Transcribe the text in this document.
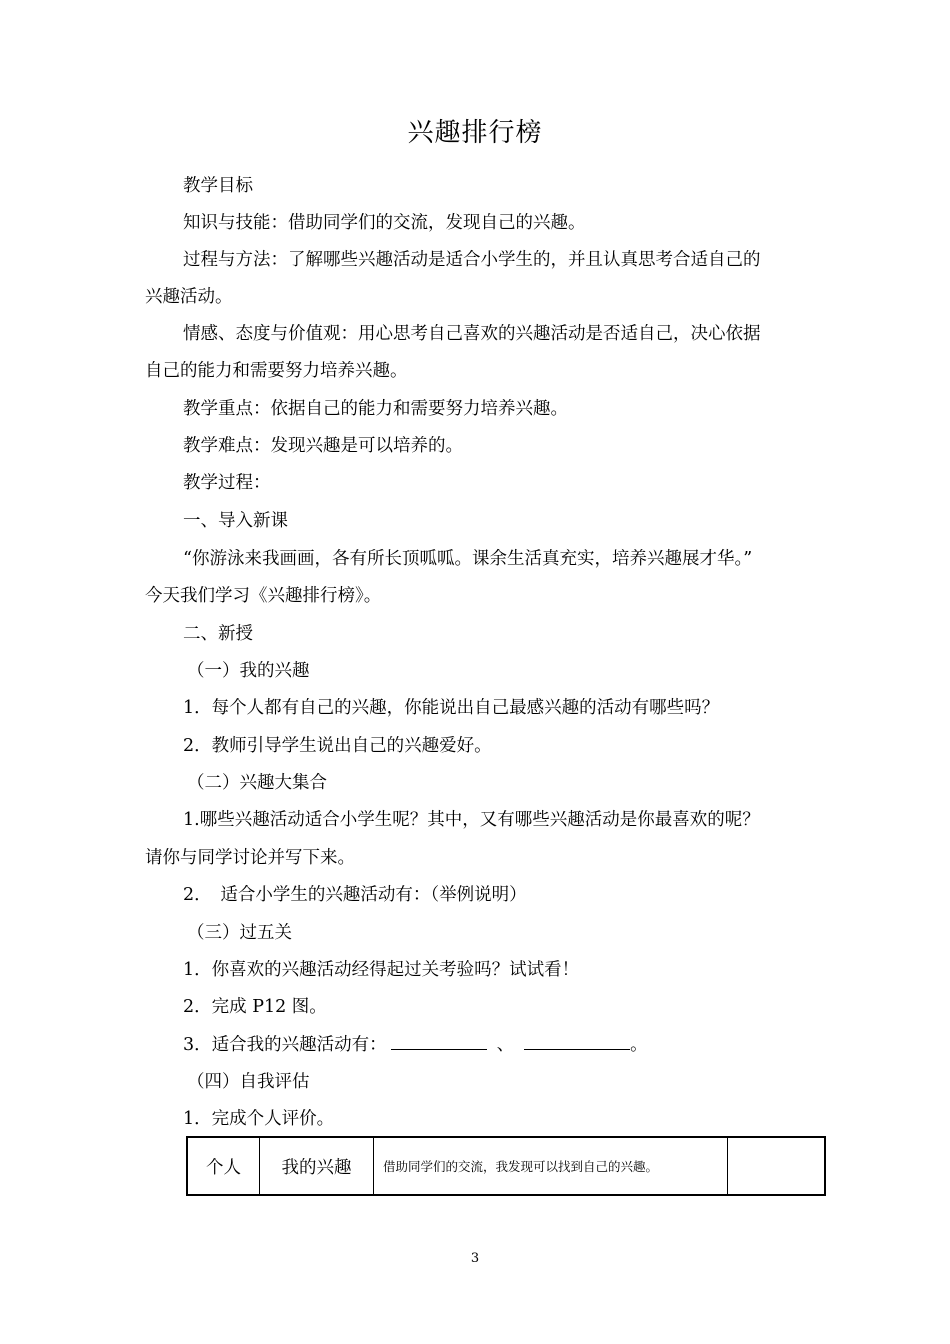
兴趣排行榜
教学目标
知识与技能：借助同学们的交流，发现自己的兴趣。
过程与方法：了解哪些兴趣活动是适合小学生的，并且认真思考合适自己的
兴趣活动。
情感、态度与价值观：用心思考自己喜欢的兴趣活动是否适自己，决心依据
自己的能力和需要努力培养兴趣。
教学重点：依据自己的能力和需要努力培养兴趣。
教学难点：发现兴趣是可以培养的。
教学过程：
一、导入新课
“你游泳来我画画，各有所长顶呱呱。课余生活真充实，培养兴趣展才华。”
今天我们学习《兴趣排行榜》。
二、新授
（一）我的兴趣
1．每个人都有自己的兴趣，你能说出自己最感兴趣的活动有哪些吗？
2．教师引导学生说出自己的兴趣爱好。
（二）兴趣大集合
1.哪些兴趣活动适合小学生呢？其中，又有哪些兴趣活动是你最喜欢的呢？
请你与同学讨论并写下来。
2．　适合小学生的兴趣活动有：（举例说明）
（三）过五关
1．你喜欢的兴趣活动经得起过关考验吗？试试看！
2．完成 P12 图。
3．适合我的兴趣活动有：	、	。
（四）自我评估
1．完成个人评价。
个人	我的兴趣	借助同学们的交流，我发现可以找到自己的兴趣。	
3
